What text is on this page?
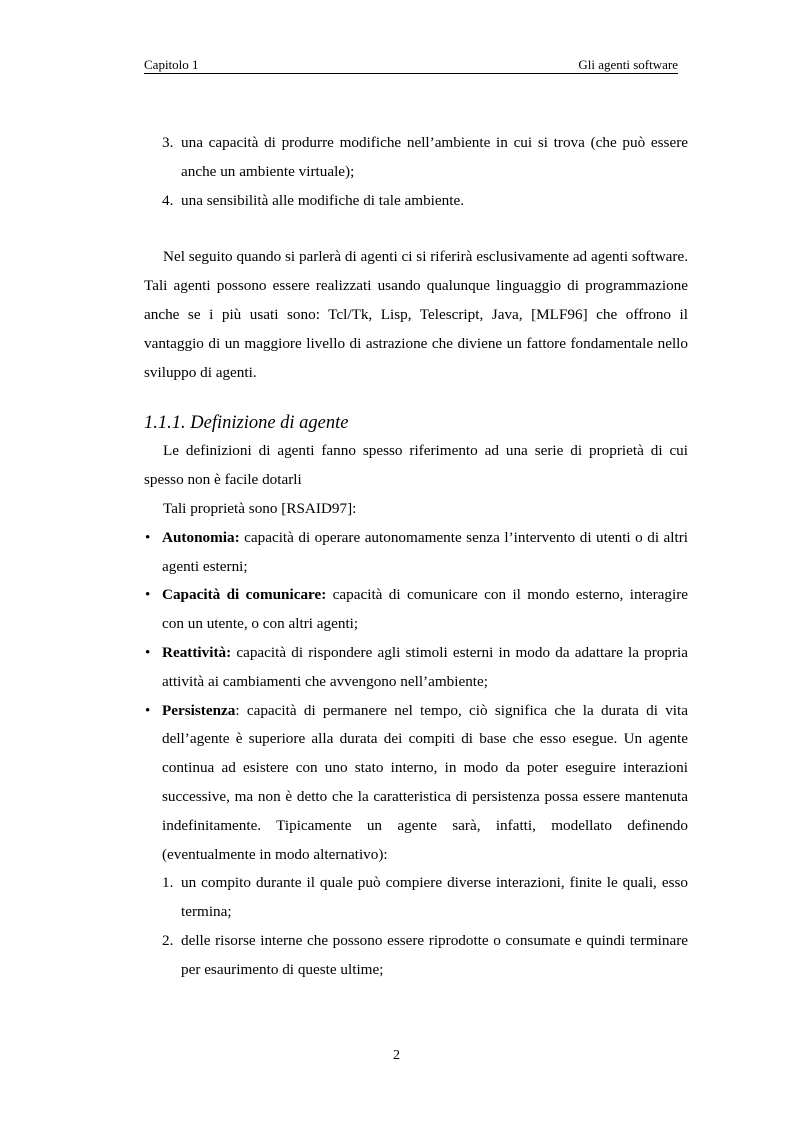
Capitolo 1	Gli agenti software
3. una capacità di produrre modifiche nell’ambiente in cui si trova (che può essere anche un ambiente virtuale);
4. una sensibilità alle modifiche di tale ambiente.

Nel seguito quando si parlerà di agenti ci si riferirà esclusivamente ad agenti software. Tali agenti possono essere realizzati usando qualunque linguaggio di programmazione anche se i più usati sono: Tcl/Tk, Lisp, Telescript, Java, [MLF96] che offrono il vantaggio di un maggiore livello di astrazione che diviene un fattore fondamentale nello sviluppo di agenti.

1.1.1. Definizione di agente

Le definizioni di agenti fanno spesso riferimento ad una serie di proprietà di cui spesso non è facile dotarli

Tali proprietà sono [RSAID97]:

• Autonomia: capacità di operare autonomamente senza l’intervento di utenti o di altri agenti esterni;
• Capacità di comunicare: capacità di comunicare con il mondo esterno, interagire con un utente, o con altri agenti;
• Reattività: capacità di rispondere agli stimoli esterni in modo da adattare la propria attività ai cambiamenti che avvengono nell’ambiente;
• Persistenza: capacità di permanere nel tempo, ciò significa che la durata di vita dell’agente è superiore alla durata dei compiti di base che esso esegue. Un agente continua ad esistere con uno stato interno, in modo da poter eseguire interazioni successive, ma non è detto che la caratteristica di persistenza possa essere mantenuta indefinitamente. Tipicamente un agente sarà, infatti, modellato definendo (eventualmente in modo alternativo):
1. un compito durante il quale può compiere diverse interazioni, finite le quali, esso termina;
2. delle risorse interne che possono essere riprodotte o consumate e quindi terminare per esaurimento di queste ultime;
2
